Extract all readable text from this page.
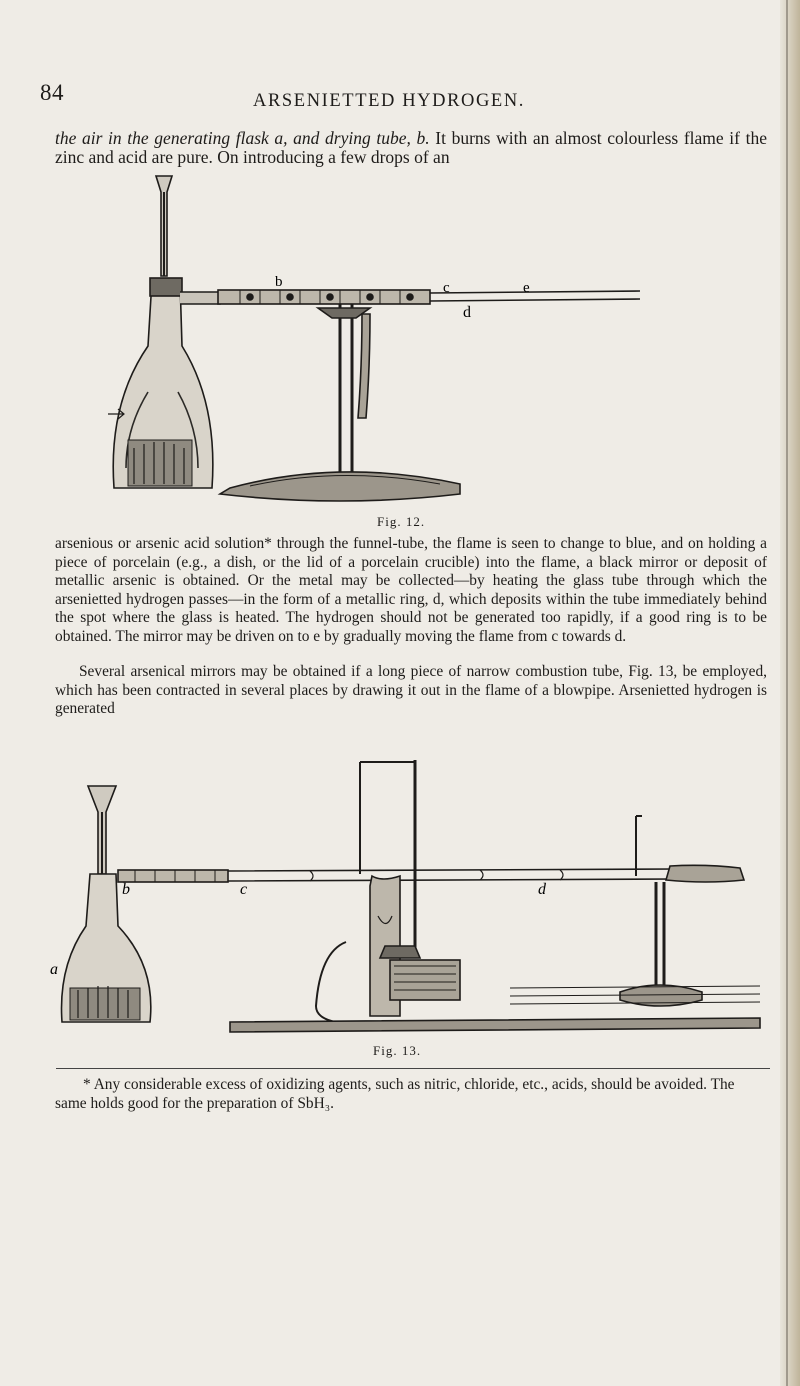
84	ARSENIETTED HYDROGEN.

the air in the generating flask a, and drying tube, b. It burns with an almost colourless flame if the zinc and acid are pure. On introducing a few drops of an

b	c	e
d
Fig. 12.

arsenious or arsenic acid solution* through the funnel-tube, the flame is seen to change to blue, and on holding a piece of porcelain (e.g., a dish, or the lid of a porcelain crucible) into the flame, a black mirror or deposit of metallic arsenic is obtained. Or the metal may be collected—by heating the glass tube through which the arsenietted hydrogen passes—in the form of a metallic ring, d, which deposits within the tube immediately behind the spot where the glass is heated. The hydrogen should not be generated too rapidly, if a good ring is to be obtained. The mirror may be driven on to e by gradually moving the flame from c towards d.

Several arsenical mirrors may be obtained if a long piece of narrow combustion tube, Fig. 13, be employed, which has been contracted in several places by drawing it out in the flame of a blowpipe. Arsenietted hydrogen is generated

b	c	d
a
Fig. 13.

* Any considerable excess of oxidizing agents, such as nitric, chloride, etc., acids, should be avoided. The same holds good for the preparation of SbH₃.
